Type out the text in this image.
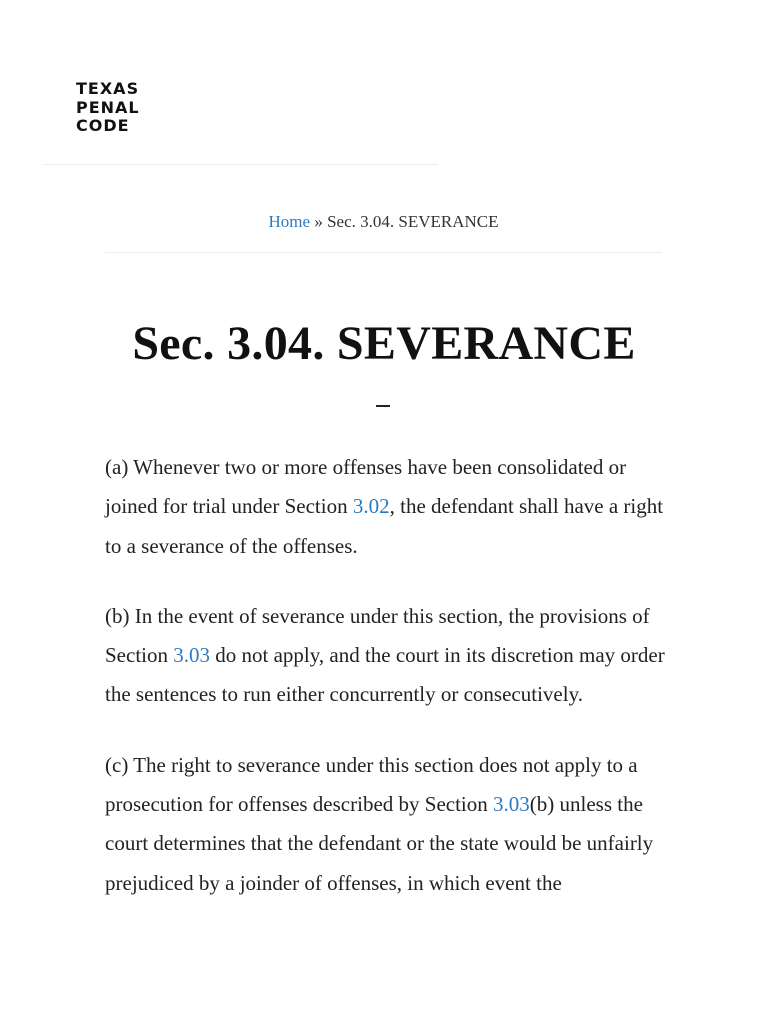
TEXAS
PENAL
CODE
Home » Sec. 3.04. SEVERANCE
Sec. 3.04. SEVERANCE

(a) Whenever two or more offenses have been consolidated or joined for trial under Section 3.02, the defendant shall have a right to a severance of the offenses.

(b) In the event of severance under this section, the provisions of Section 3.03 do not apply, and the court in its discretion may order the sentences to run either concurrently or consecutively.

(c) The right to severance under this section does not apply to a prosecution for offenses described by Section 3.03(b) unless the court determines that the defendant or the state would be unfairly prejudiced by a joinder of offenses, in which event the
